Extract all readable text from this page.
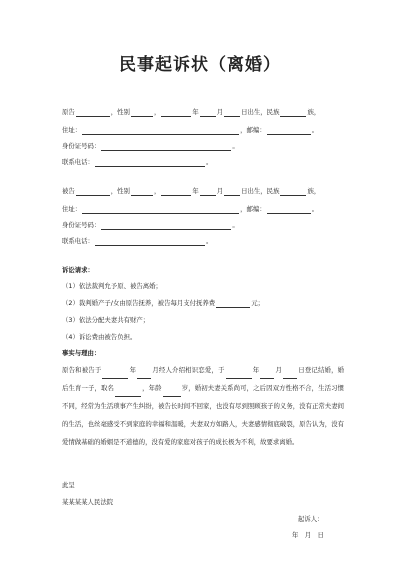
民事起诉状（离婚）
原告	，性别	，	年	月	日出生，民族	族，
住址：	，邮编：	。
身份证号码：	。
联系电话：	。
被告	，性别	，	年	月	日出生，民族	族，
住址：	，邮编：	。
身份证号码：	。
联系电话：	。
诉讼请求：
（1）依法裁判允予原、被告离婚；
（2）裁判婚产子/女由原告抚养，被告每月支付抚养费	元；
（3）依法分配夫妻共有财产；
（4）诉讼费由被告负担。
事实与理由：
原告和被告于	年	月经人介绍相识恋爱，于	年	月	日登记结婚，婚后生育一子，取名	，年龄	岁，婚初夫妻关系尚可，之后因双方性格不合，生活习惯不同，经常为生活琐事产生纠纷，被告长时间不回家，也没有尽到照顾孩子的义务，没有正常夫妻间的生活，也丝毫感受不到家庭的幸福和温暖，夫妻双方如路人，夫妻感情彻底破裂，原告认为，没有爱情做基础的婚姻是不道德的，没有爱的家庭对孩子的成长极为不利，故要求离婚。
此呈
某某某某人民法院
起诉人：
年　月　日
